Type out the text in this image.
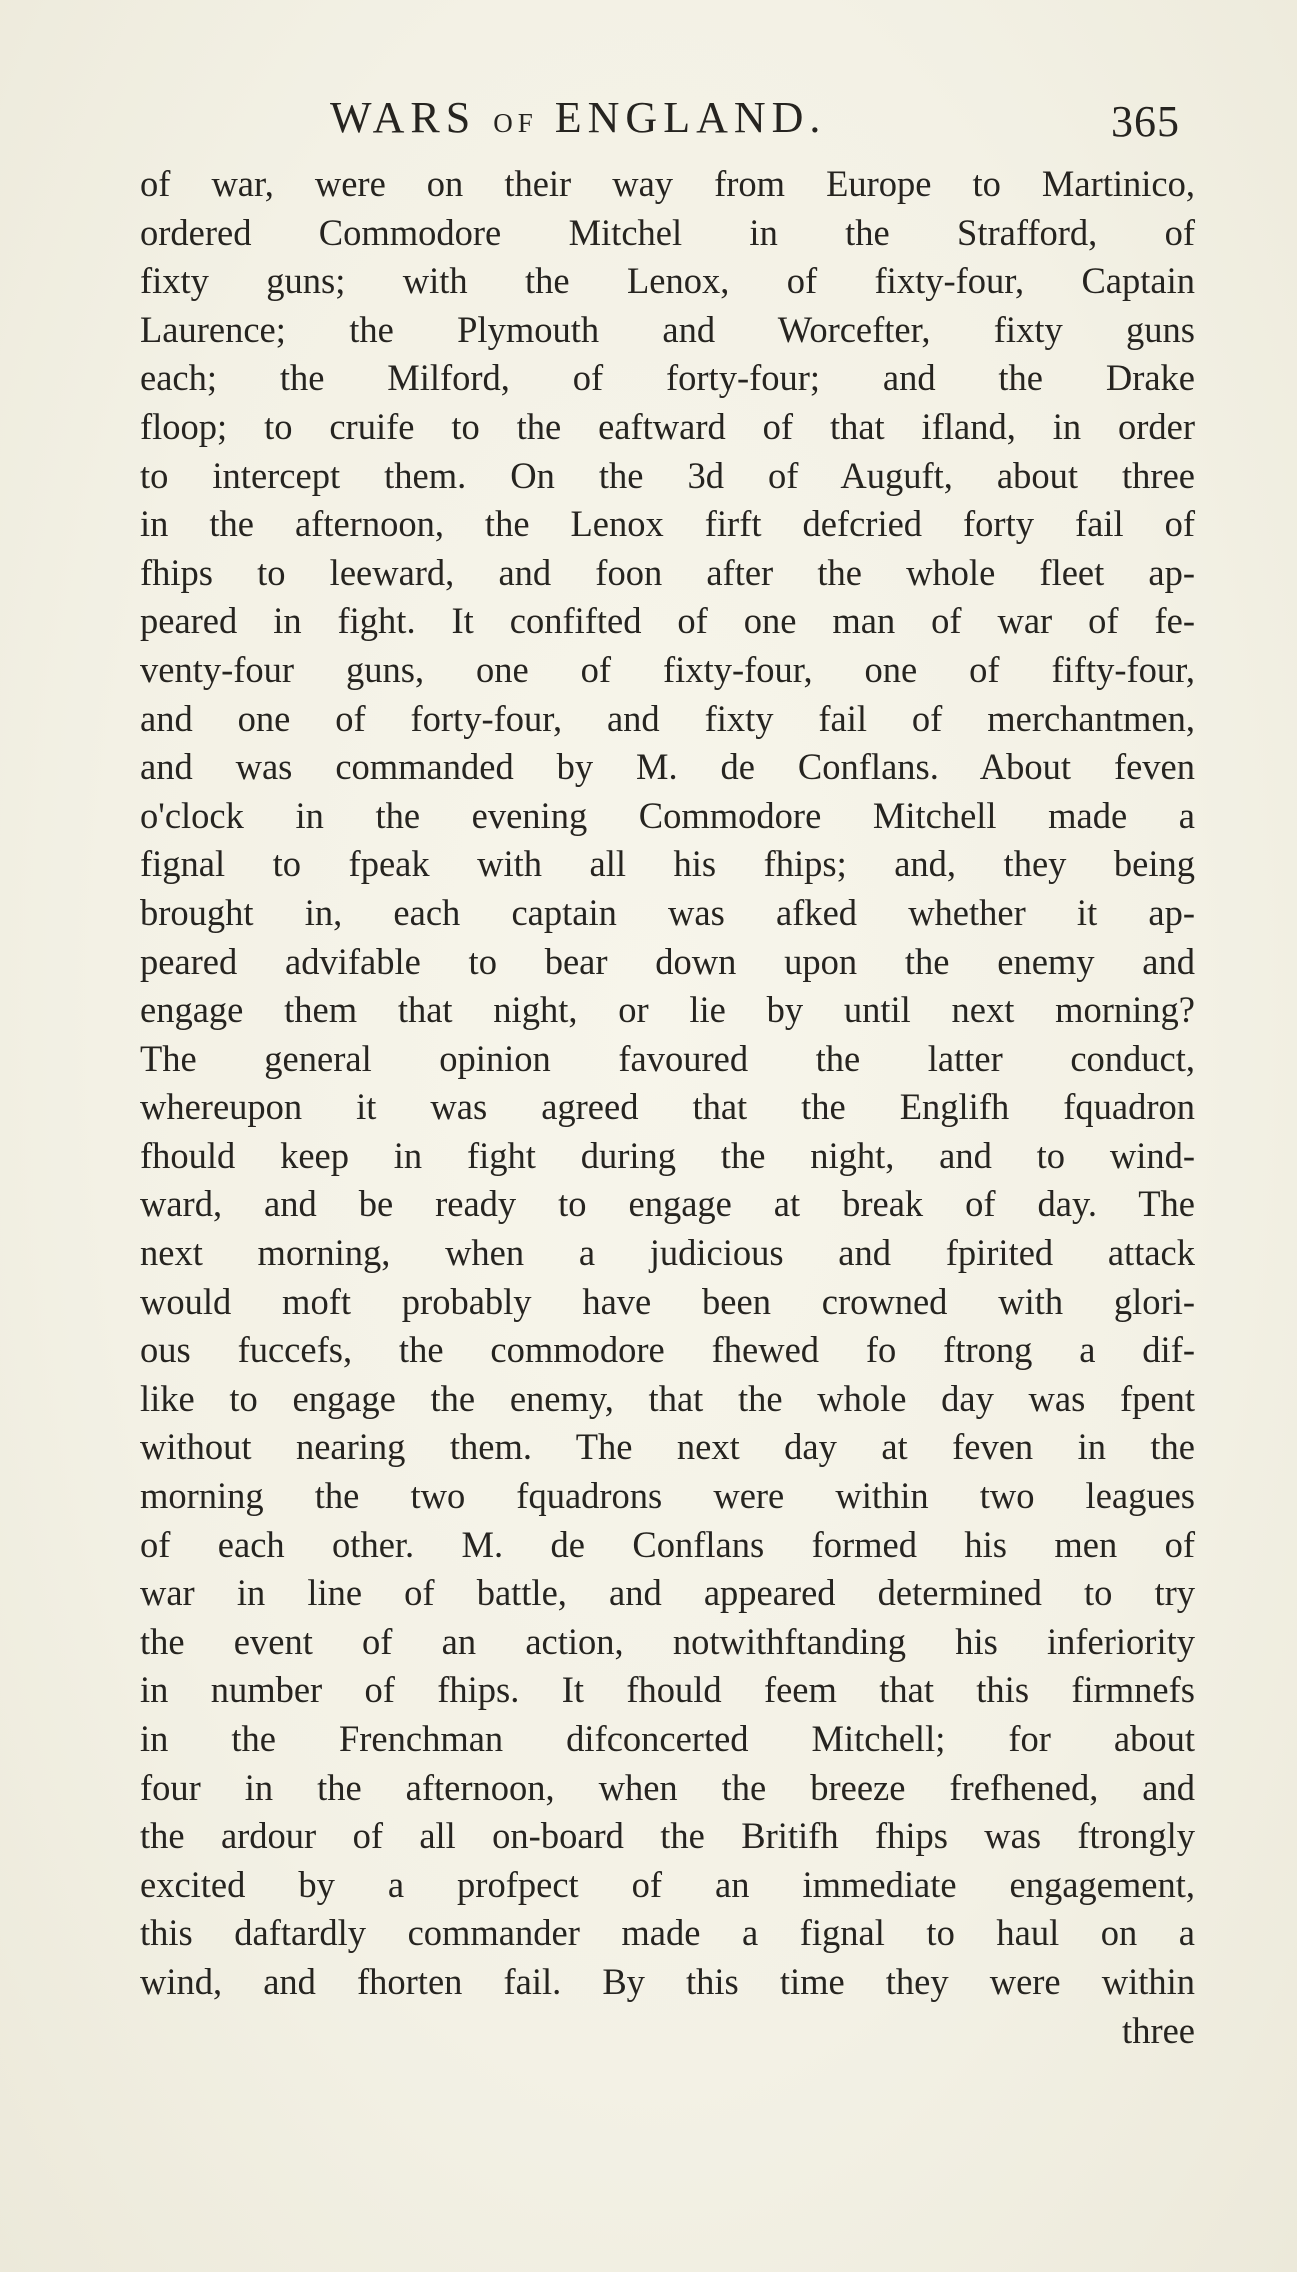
WARS OF ENGLAND.	365
of war, were on their way from Europe to Martinico,
ordered Commodore Mitchel in the Strafford, of
fixty guns; with the Lenox, of fixty-four, Captain
Laurence; the Plymouth and Worcefter, fixty guns
each; the Milford, of forty-four; and the Drake
floop; to cruife to the eaftward of that ifland, in order
to intercept them. On the 3d of Auguft, about three
in the afternoon, the Lenox firft defcried forty fail of
fhips to leeward, and foon after the whole fleet ap-
peared in fight. It confifted of one man of war of fe-
venty-four guns, one of fixty-four, one of fifty-four,
and one of forty-four, and fixty fail of merchantmen,
and was commanded by M. de Conflans. About feven
o'clock in the evening Commodore Mitchell made a
fignal to fpeak with all his fhips; and, they being
brought in, each captain was afked whether it ap-
peared advifable to bear down upon the enemy and
engage them that night, or lie by until next morning?
The general opinion favoured the latter conduct,
whereupon it was agreed that the Englifh fquadron
fhould keep in fight during the night, and to wind-
ward, and be ready to engage at break of day. The
next morning, when a judicious and fpirited attack
would moft probably have been crowned with glori-
ous fuccefs, the commodore fhewed fo ftrong a dif-
like to engage the enemy, that the whole day was fpent
without nearing them. The next day at feven in the
morning the two fquadrons were within two leagues
of each other. M. de Conflans formed his men of
war in line of battle, and appeared determined to try
the event of an action, notwithftanding his inferiority
in number of fhips. It fhould feem that this firmnefs
in the Frenchman difconcerted Mitchell; for about
four in the afternoon, when the breeze frefhened, and
the ardour of all on-board the Britifh fhips was ftrongly
excited by a profpect of an immediate engagement,
this daftardly commander made a fignal to haul on a
wind, and fhorten fail. By this time they were within
three
